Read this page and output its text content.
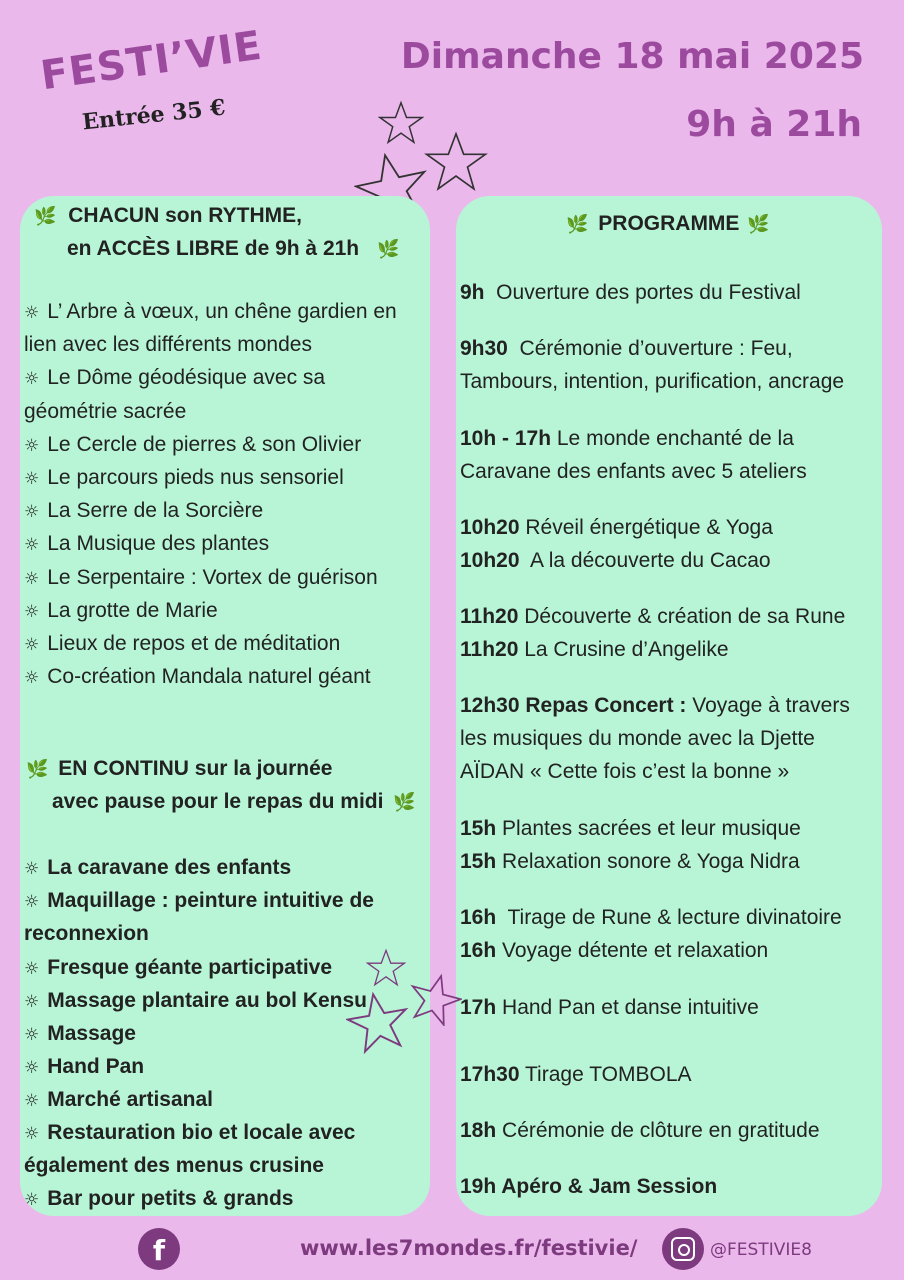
FESTI’VIE
Entrée 35 €
Dimanche 18 mai 2025
9h à 21h
🌿 CHACUN son RYTHME,
en ACCÈS LIBRE de 9h à 21h 🌿
☼ L’ Arbre à vœux, un chêne gardien en
lien avec les différents mondes
☼ Le Dôme géodésique avec sa
géométrie sacrée
☼ Le Cercle de pierres & son Olivier
☼ Le parcours pieds nus sensoriel
☼ La Serre de la Sorcière
☼ La Musique des plantes
☼ Le Serpentaire : Vortex de guérison
☼ La grotte de Marie
☼ Lieux de repos et de méditation
☼ Co-création Mandala naturel géant
🌿 EN CONTINU sur la journée
avec pause pour le repas du midi 🌿
☼ La caravane des enfants
☼ Maquillage : peinture intuitive de
reconnexion
☼ Fresque géante participative
☼ Massage plantaire au bol Kensu
☼ Massage
☼ Hand Pan
☼ Marché artisanal
☼ Restauration bio et locale avec
également des menus crusine
☼ Bar pour petits & grands
🌿 PROGRAMME 🌿
9h  Ouverture des portes du Festival
9h30  Cérémonie d’ouverture : Feu,
Tambours, intention, purification, ancrage
10h - 17h Le monde enchanté de la
Caravane des enfants avec 5 ateliers
10h20 Réveil énergétique & Yoga
10h20  A la découverte du Cacao
11h20 Découverte & création de sa Rune
11h20 La Crusine d’Angelike
12h30 Repas Concert : Voyage à travers
les musiques du monde avec la Djette
AÏDAN « Cette fois c’est la bonne »
15h Plantes sacrées et leur musique
15h Relaxation sonore & Yoga Nidra
16h  Tirage de Rune & lecture divinatoire
16h Voyage détente et relaxation
17h Hand Pan et danse intuitive
17h30 Tirage TOMBOLA
18h Cérémonie de clôture en gratitude
19h Apéro & Jam Session
f	www.les7mondes.fr/festivie/	@FESTIVIE8
